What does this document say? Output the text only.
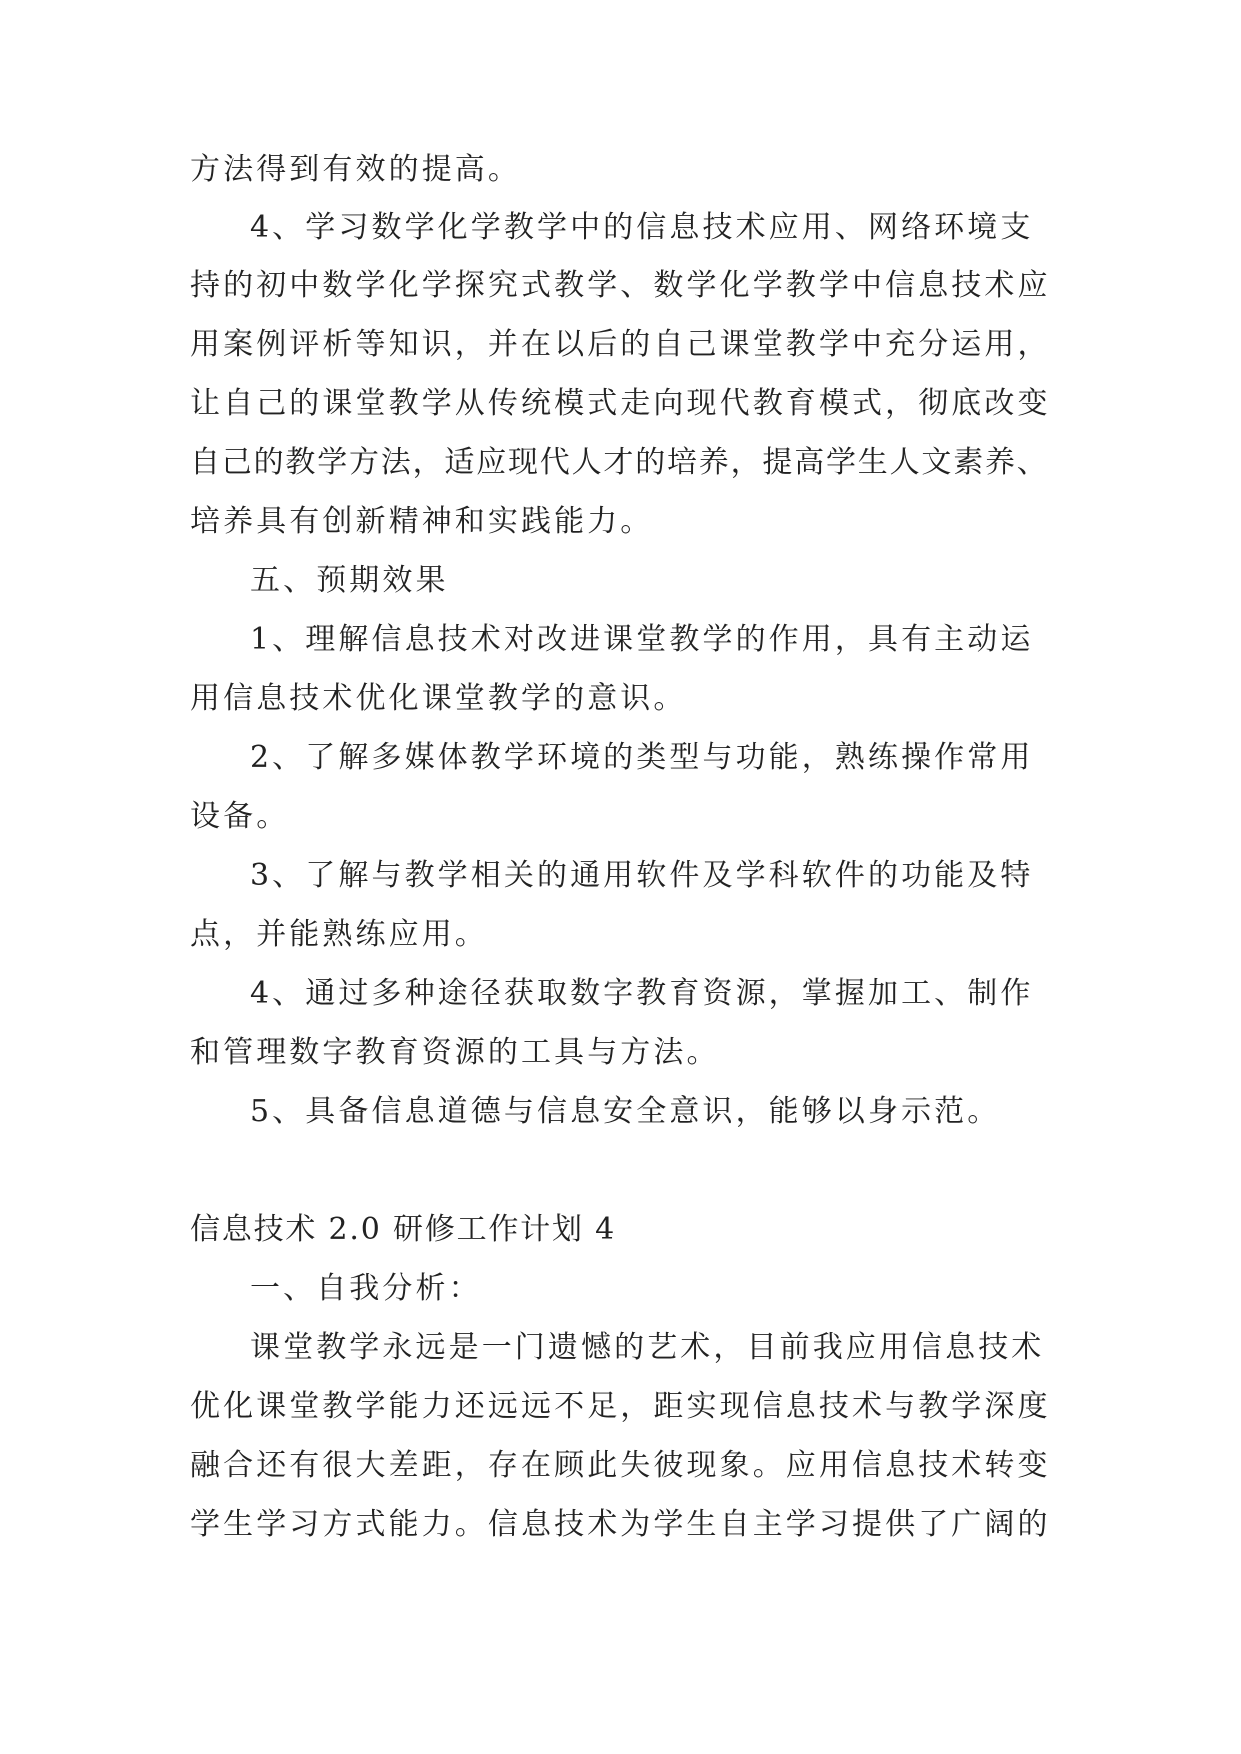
方法得到有效的提高。
4、学习数学化学教学中的信息技术应用、网络环境支
持的初中数学化学探究式教学、数学化学教学中信息技术应
用案例评析等知识，并在以后的自己课堂教学中充分运用，
让自己的课堂教学从传统模式走向现代教育模式，彻底改变
自己的教学方法，适应现代人才的培养，提高学生人文素养、
培养具有创新精神和实践能力。
五、预期效果
1、理解信息技术对改进课堂教学的作用，具有主动运
用信息技术优化课堂教学的意识。
2、了解多媒体教学环境的类型与功能，熟练操作常用
设备。
3、了解与教学相关的通用软件及学科软件的功能及特
点，并能熟练应用。
4、通过多种途径获取数字教育资源，掌握加工、制作
和管理数字教育资源的工具与方法。
5、具备信息道德与信息安全意识，能够以身示范。
信息技术 2.0 研修工作计划 4
一、自我分析：
课堂教学永远是一门遗憾的艺术，目前我应用信息技术
优化课堂教学能力还远远不足，距实现信息技术与教学深度
融合还有很大差距，存在顾此失彼现象。应用信息技术转变
学生学习方式能力。信息技术为学生自主学习提供了广阔的
